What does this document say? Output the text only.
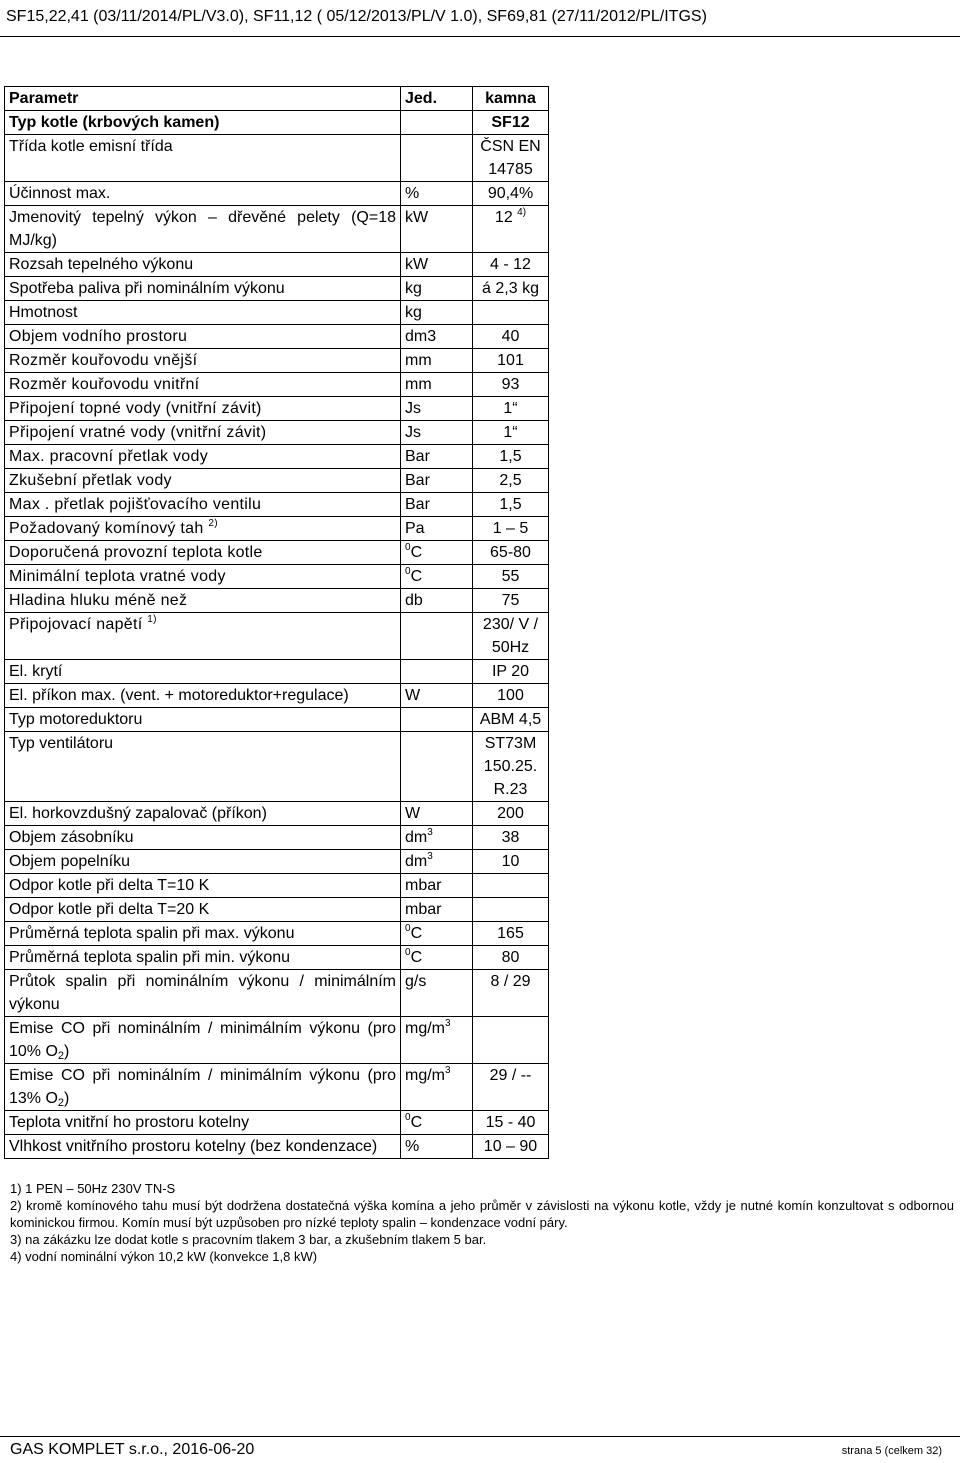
SF15,22,41 (03/11/2014/PL/V3.0), SF11,12 ( 05/12/2013/PL/V 1.0), SF69,81 (27/11/2012/PL/ITGS)
Parametr	Jed.	kamna
Typ kotle (krbových kamen)		SF12
Třída kotle emisní třída		ČSN EN 14785
Účinnost max.	%	90,4%
Jmenovitý tepelný výkon – dřevěné pelety (Q=18 MJ/kg)	kW	12 $^{4)}$
Rozsah tepelného výkonu	kW	4 - 12
Spotřeba paliva při nominálním výkonu	kg	á 2,3 kg
Hmotnost	kg	
Objem vodního prostoru	dm3	40
Rozměr kouřovodu vnější	mm	101
Rozměr kouřovodu vnitřní	mm	93
Připojení topné vody (vnitřní závit)	Js	1“
Připojení vratné vody (vnitřní závit)	Js	1“
Max. pracovní přetlak vody	Bar	1,5
Zkušební přetlak vody	Bar	2,5
Max . přetlak pojišťovacího ventilu	Bar	1,5
Požadovaný komínový tah $^{2)}$	Pa	1 – 5
Doporučená provozní teplota kotle	$^0$C	65-80
Minimální teplota vratné vody	$^0$C	55
Hladina hluku méně než	db	75
Připojovací napětí $^{1)}$		230/ V / 50Hz
El. krytí		IP 20
El. příkon max. (vent. + motoreduktor+regulace)	W	100
Typ motoreduktoru		ABM 4,5
Typ ventilátoru		ST73M 150.25. R.23
El. horkovzdušný zapalovač (příkon)	W	200
Objem zásobníku	$dm^3$	38
Objem popelníku	$dm^3$	10
Odpor kotle při delta T=10 K	mbar	
Odpor kotle při delta T=20 K	mbar	
Průměrná teplota spalin při max. výkonu	$^0$C	165
Průměrná teplota spalin při min. výkonu	$^0$C	80
Průtok spalin při nominálním výkonu / minimálním výkonu	g/s	8 / 29
Emise CO při nominálním / minimálním výkonu (pro 10% $O_2$)	$mg/m^3$	
Emise CO při nominálním / minimálním výkonu (pro 13% $O_2$)	$mg/m^3$	29 / --
Teplota vnitřní ho prostoru kotelny	$^0$C	15 - 40
Vlhkost vnitřního prostoru kotelny (bez kondenzace)	%	10 – 90

1) 1 PEN – 50Hz 230V TN-S

2) kromě komínového tahu musí být dodržena dostatečná výška komína a jeho průměr v závislosti na výkonu kotle, vždy je nutné komín konzultovat s odbornou kominickou firmou. Komín musí být uzpůsoben pro nízké teploty spalin – kondenzace vodní páry.

3) na zákázku lze dodat kotle s pracovním tlakem 3 bar, a zkušebním tlakem 5 bar.

4) vodní nominální výkon 10,2 kW (konvekce 1,8 kW)

GAS KOMPLET s.r.o., 2016-06-20	strana 5 (celkem 32)
